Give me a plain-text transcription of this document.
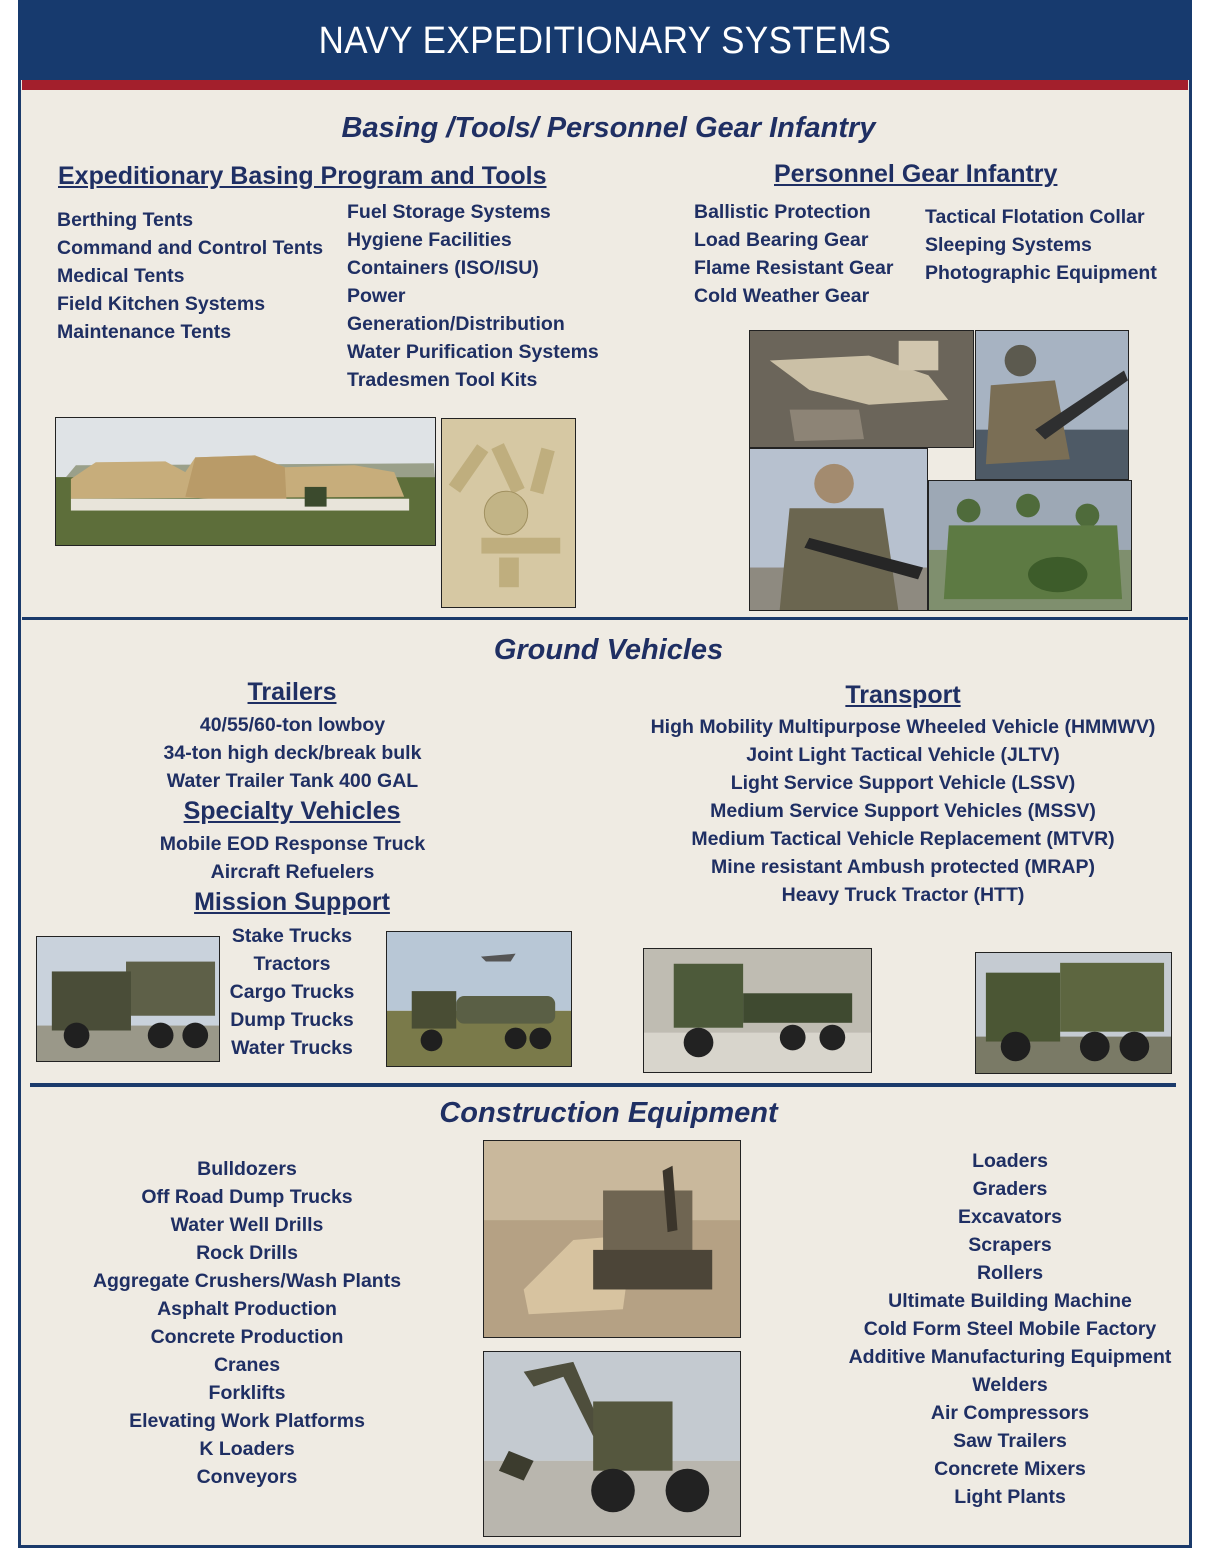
NAVY EXPEDITIONARY SYSTEMS
Basing /Tools/ Personnel Gear Infantry
Expeditionary Basing Program and Tools
Berthing Tents
Command and Control Tents
Medical Tents
Field Kitchen Systems
Maintenance Tents
Fuel Storage Systems
Hygiene Facilities
Containers (ISO/ISU)
Power
Generation/Distribution
Water Purification Systems
Tradesmen Tool Kits
Personnel Gear Infantry
Ballistic Protection
Load Bearing Gear
Flame Resistant Gear
Cold Weather Gear
Tactical Flotation Collar
Sleeping Systems
Photographic Equipment
Ground Vehicles
Trailers
40/55/60-ton lowboy
34-ton high deck/break bulk
Water Trailer Tank 400 GAL
Specialty Vehicles
Mobile EOD Response Truck
Aircraft Refuelers
Mission Support
Stake Trucks
Tractors
Cargo Trucks
Dump Trucks
Water Trucks
Transport
High Mobility Multipurpose Wheeled Vehicle (HMMWV)
Joint Light Tactical Vehicle (JLTV)
Light Service Support Vehicle (LSSV)
Medium Service Support Vehicles (MSSV)
Medium Tactical Vehicle Replacement (MTVR)
Mine resistant Ambush protected (MRAP)
Heavy Truck Tractor (HTT)
Construction Equipment
Bulldozers
Off Road Dump Trucks
Water Well Drills
Rock Drills
Aggregate Crushers/Wash Plants
Asphalt Production
Concrete Production
Cranes
Forklifts
Elevating Work Platforms
K Loaders
Conveyors
Loaders
Graders
Excavators
Scrapers
Rollers
Ultimate Building Machine
Cold Form Steel Mobile Factory
Additive Manufacturing Equipment
Welders
Air Compressors
Saw Trailers
Concrete Mixers
Light Plants
